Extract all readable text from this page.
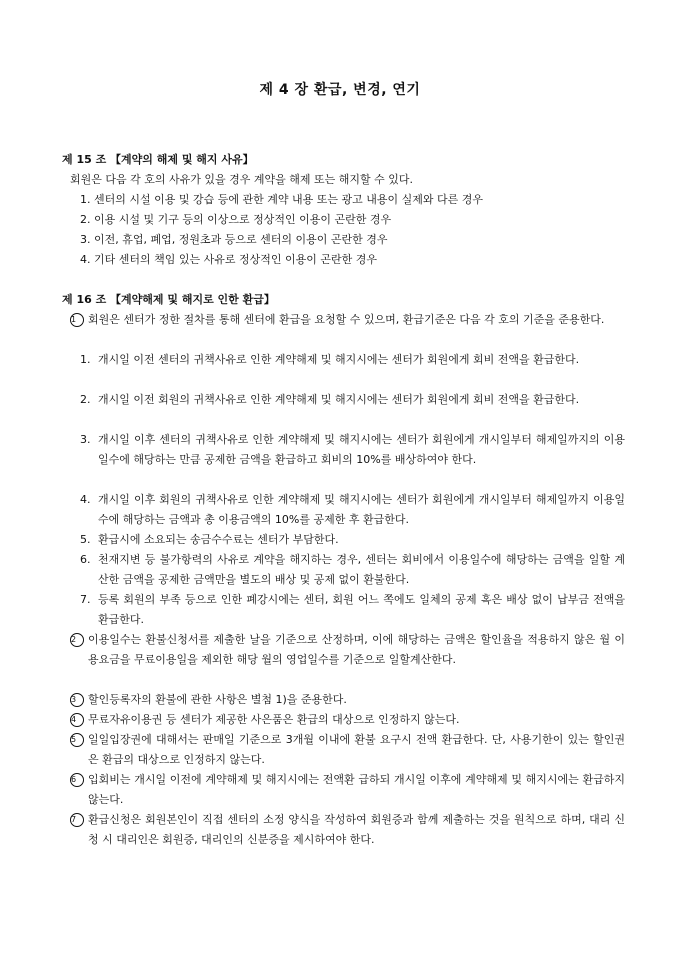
제 4 장 환급, 변경, 연기
제 15 조 【계약의 해제 및 해지 사유】
회원은 다음 각 호의 사유가 있을 경우 계약을 해제 또는 해지할 수 있다.
1. 센터의 시설 이용 및 강습 등에 관한 계약 내용 또는 광고 내용이 실제와 다른 경우
2. 이용 시설 및 기구 등의 이상으로 정상적인 이용이 곤란한 경우
3. 이전, 휴업, 폐업, 정원초과 등으로 센터의 이용이 곤란한 경우
4. 기타 센터의 책임 있는 사유로 정상적인 이용이 곤란한 경우
제 16 조 【계약해제 및 해지로 인한 환급】
1	회원은 센터가 정한 절차를 통해 센터에 환급을 요청할 수 있으며, 환급기준은 다음 각 호의 기준을 준용한다.
1. 개시일 이전 센터의 귀책사유로 인한 계약해제 및 해지시에는 센터가 회원에게 회비 전액을 환급한다.
2. 개시일 이전 회원의 귀책사유로 인한 계약해제 및 해지시에는 센터가 회원에게 회비 전액을 환급한다.
3. 개시일 이후 센터의 귀책사유로 인한 계약해제 및 해지시에는 센터가 회원에게 개시일부터 해제일까지의 이용일수에 해당하는 만큼 공제한 금액을 환급하고 회비의 10%를 배상하여야 한다.
4. 개시일 이후 회원의 귀책사유로 인한 계약해제 및 해지시에는 센터가 회원에게 개시일부터 해제일까지 이용일수에 해당하는 금액과 총 이용금액의 10%를 공제한 후 환급한다.
5. 환급시에 소요되는 송금수수료는 센터가 부담한다.
6. 천재지변 등 불가항력의 사유로 계약을 해지하는 경우, 센터는 회비에서 이용일수에 해당하는 금액을 일할 계산한 금액을 공제한 금액만을 별도의 배상 및 공제 없이 환불한다.
7. 등록 회원의 부족 등으로 인한 폐강시에는 센터, 회원 어느 쪽에도 일체의 공제 혹은 배상 없이 납부금 전액을 환급한다.
2	이용일수는 환불신청서를 제출한 날을 기준으로 산정하며, 이에 해당하는 금액은 할인율을 적용하지 않은 월 이용요금을 무료이용일을 제외한 해당 월의 영업일수를 기준으로 일할계산한다.
3	할인등록자의 환불에 관한 사항은 별첨 1)을 준용한다.
4	무료자유이용권 등 센터가 제공한 사은품은 환급의 대상으로 인정하지 않는다.
5	일일입장권에 대해서는 판매일 기준으로 3개월 이내에 환불 요구시 전액 환급한다. 단, 사용기한이 있는 할인권은 환급의 대상으로 인정하지 않는다.
6	입회비는 개시일 이전에 계약해제 및 해지시에는 전액환 급하되 개시일 이후에 계약해제 및 해지시에는 환급하지 않는다.
7	환급신청은 회원본인이 직접 센터의 소정 양식을 작성하여 회원증과 함께 제출하는 것을 원칙으로 하며, 대리 신청 시 대리인은 회원증, 대리인의 신분증을 제시하여야 한다.
